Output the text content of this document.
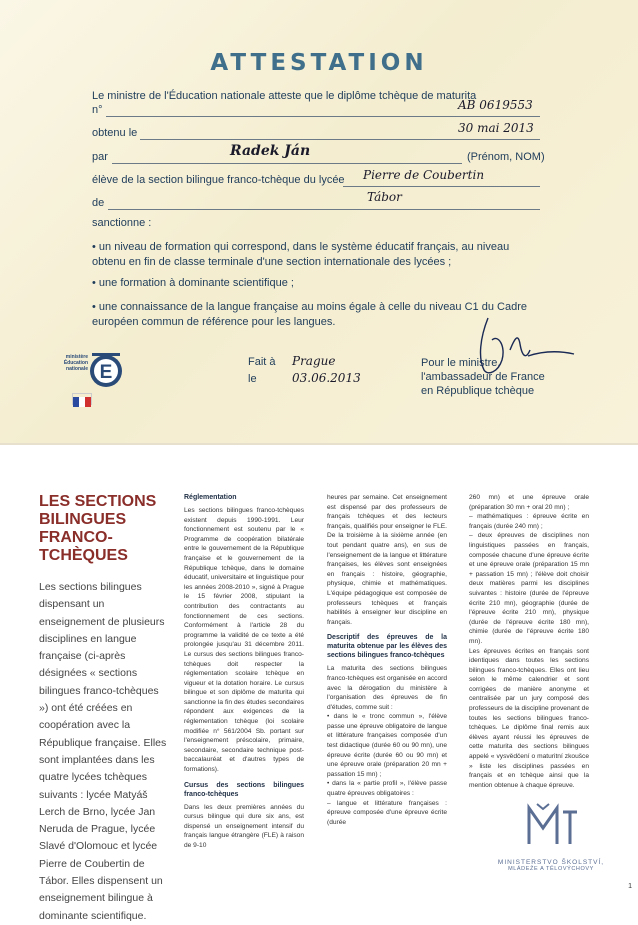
ATTESTATION
Le ministre de l'Éducation nationale atteste que le diplôme tchèque de maturita
n°	AB 0619553
obtenu le	30 mai 2013
par	Radek Ján	(Prénom, NOM)
élève de la section bilingue franco-tchèque du lycée Pierre de Coubertin
de	Tábor
sanctionne :
• un niveau de formation qui correspond, dans le système éducatif français, au niveau obtenu en fin de classe terminale d'une section internationale des lycées ;
• une formation à dominante scientifique ;
• une connaissance de la langue française au moins égale à celle du niveau C1 du Cadre européen commun de référence pour les langues.
E
ministère
Éducation
nationale
Fait à Prague
le	03.06.2013
Pour le ministre,
l'ambassadeur de France
en République tchèque
LES SECTIONS
BILINGUES
FRANCO-TCHÈQUES
Les sections bilingues dispensant un enseignement de plusieurs disciplines en langue française (ci-après désignées « sections bilingues franco-tchèques ») ont été créées en coopération avec la République française. Elles sont implantées dans les quatre lycées tchèques suivants : lycée Matyáš Lerch de Brno, lycée Jan Neruda de Prague, lycée Slavé d'Olomouc et lycée Pierre de Coubertin de Tábor. Elles dispensent un enseignement bilingue à dominante scientifique.
Réglementation

Les sections bilingues franco-tchèques existent depuis 1990-1991. Leur fonctionnement est soutenu par le « Programme de coopération bilatérale entre le gouvernement de la République française et le gouvernement de la République tchèque, dans le domaine éducatif, universitaire et linguistique pour les années 2008-2010 », signé à Prague le 15 février 2008, stipulant la contribution des contractants au fonctionnement de ces sections. Conformément à l'article 28 du programme la validité de ce texte a été prolongée jusqu'au 31 décembre 2011. Le cursus des sections bilingues franco-tchèques doit respecter la réglementation scolaire tchèque en vigueur et la dotation horaire. Le cursus bilingue et son diplôme de maturita qui sanctionne la fin des études secondaires répondent aux exigences de la réglementation tchèque (loi scolaire modifiée n° 561/2004 Sb. portant sur l'enseignement préscolaire, primaire, secondaire, secondaire technique post-baccalauréat et d'autres types de formations).

Cursus des sections bilingues franco-tchèques

Dans les deux premières années du cursus bilingue qui dure six ans, est dispensé un enseignement intensif du français langue étrangère (FLE) à raison de 9-10

heures par semaine. Cet enseignement est dispensé par des professeurs de français tchèques et des lecteurs français, qualifiés pour enseigner le FLE. De la troisième à la sixième année (en tout pendant quatre ans), en sus de l'enseignement de la langue et littérature françaises, les élèves sont enseignées en français : histoire, géographie, physique, chimie et mathématiques. L'équipe pédagogique est composée de professeurs tchèques et français habilités à enseigner leur discipline en français.

Descriptif des épreuves de la maturita obtenue par les élèves des sections bilingues franco-tchèques

La maturita des sections bilingues franco-tchèques est organisée en accord avec la dérogation du ministère à l'organisation des épreuves de fin d'études, comme suit :
• dans le « tronc commun », l'élève passe une épreuve obligatoire de langue et littérature françaises composée d'un test didactique (durée 60 ou 90 mn), une épreuve écrite (durée 60 ou 90 mn) et une épreuve orale (préparation 20 mn + passation 15 mn) ;
• dans la « partie profil », l'élève passe quatre épreuves obligatoires :
– langue et littérature françaises : épreuve composée d'une épreuve écrite (durée

260 mn) et une épreuve orale (préparation 30 mn + oral 20 mn) ;
– mathématiques : épreuve écrite en français (durée 240 mn) ;
– deux épreuves de disciplines non linguistiques passées en français, composée chacune d'une épreuve écrite et une épreuve orale (préparation 15 mn + passation 15 mn) ; l'élève doit choisir deux matières parmi les disciplines suivantes : histoire (durée de l'épreuve écrite 210 mn), géographie (durée de l'épreuve écrite 210 mn), physique (durée de l'épreuve écrite 180 mn), chimie (durée de l'épreuve écrite 180 mn).
Les épreuves écrites en français sont identiques dans toutes les sections bilingues franco-tchèques. Elles ont lieu selon le même calendrier et sont corrigées de manière anonyme et centralisée par un jury composé des professeurs de la discipline provenant de toutes les sections bilingues franco-tchèques. Le diplôme final remis aux élèves ayant réussi les épreuves de cette maturita des sections bilingues appelé « vysvědčení o maturitní zkoušce » liste les disciplines passées en français et en tchèque ainsi que la mention obtenue à chaque épreuve.

MINISTERSTVO ŠKOLSTVÍ,
MLÁDEŽE A TĚLOVÝCHOVY
1
